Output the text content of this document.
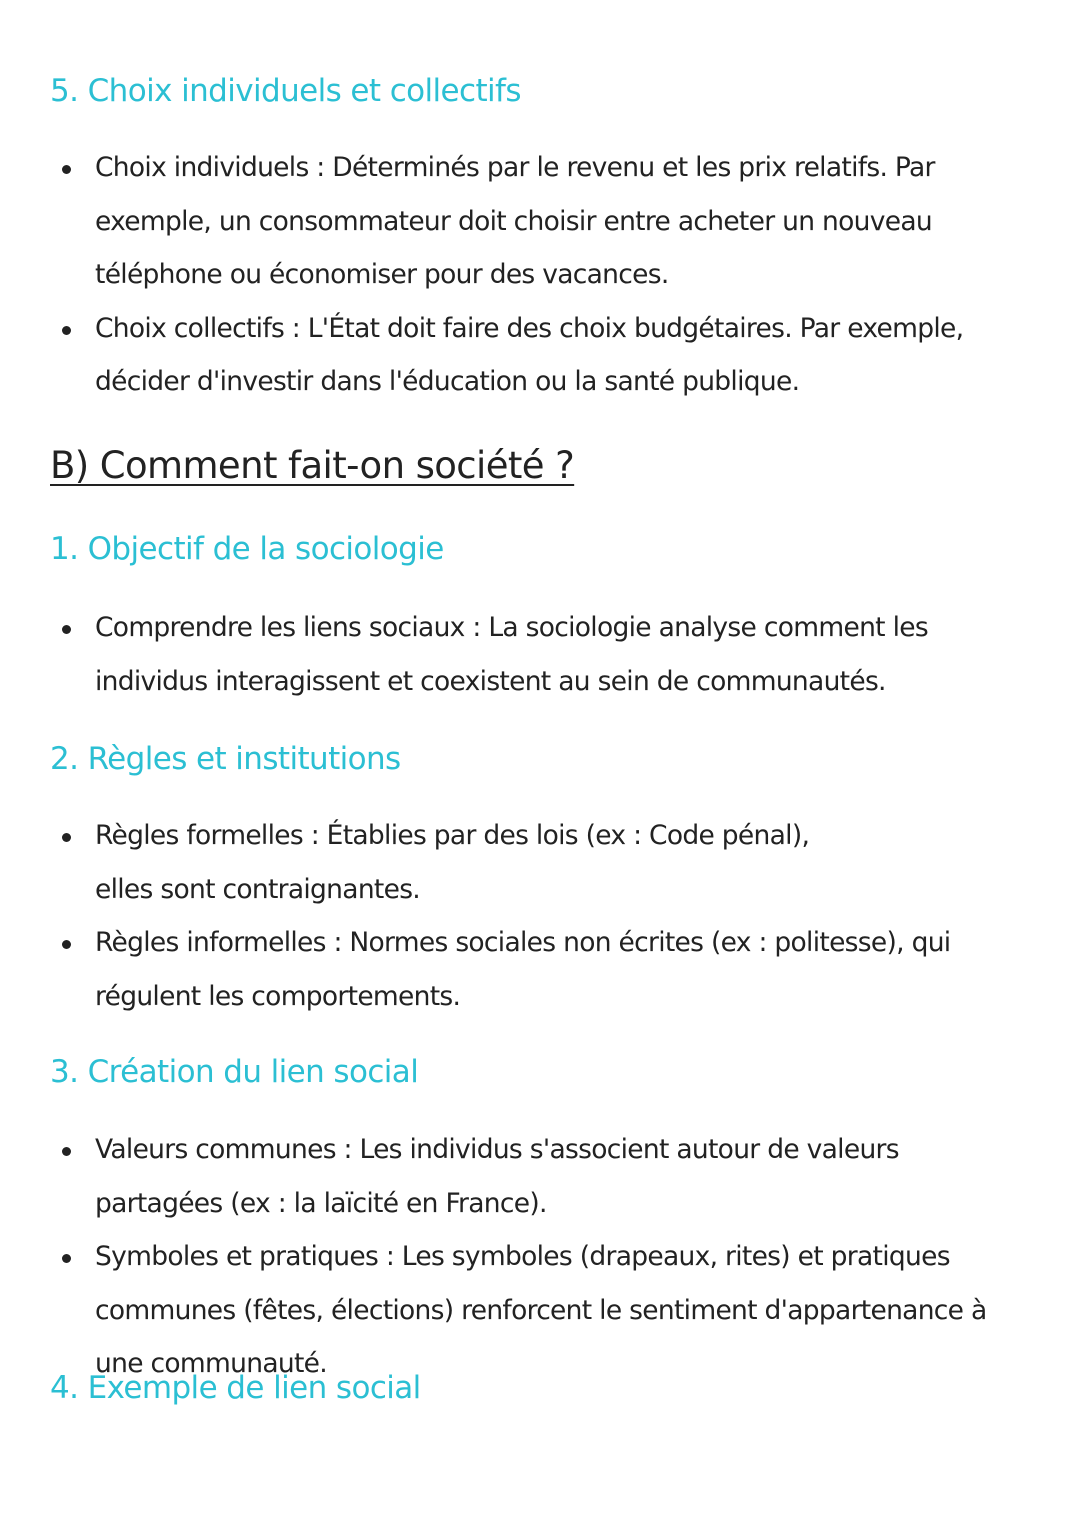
5. Choix individuels et collectifs
Choix individuels : Déterminés par le revenu et les prix relatifs. Par exemple, un consommateur doit choisir entre acheter un nouveau téléphone ou économiser pour des vacances.
Choix collectifs : L'État doit faire des choix budgétaires. Par exemple, décider d'investir dans l'éducation ou la santé publique.
B) Comment fait-on société ?
1. Objectif de la sociologie
Comprendre les liens sociaux : La sociologie analyse comment les individus interagissent et coexistent au sein de communautés.
2. Règles et institutions
Règles formelles : Établies par des lois (ex : Code pénal), elles sont contraignantes.
Règles informelles : Normes sociales non écrites (ex : politesse), qui régulent les comportements.
3. Création du lien social
Valeurs communes : Les individus s'associent autour de valeurs partagées (ex : la laïcité en France).
Symboles et pratiques : Les symboles (drapeaux, rites) et pratiques communes (fêtes, élections) renforcent le sentiment d'appartenance à une communauté.
4. Exemple de lien social
